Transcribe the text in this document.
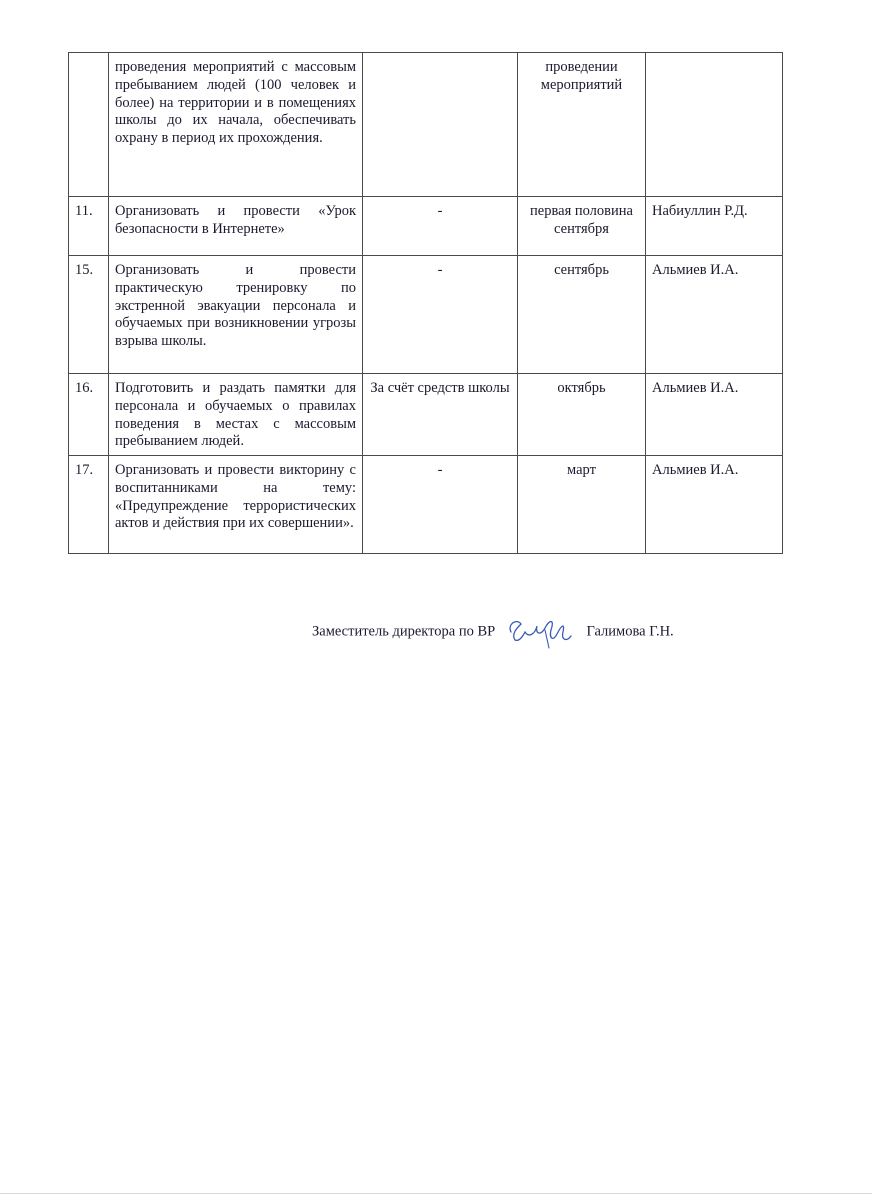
	проведения мероприятий с массовым пребыванием людей (100 человек и более) на территории и в помещениях школы до их начала, обеспечивать охрану в период их прохождения.		проведении мероприятий	
11.	Организовать и провести «Урок безопасности в Интернете»	-	первая половина сентября	Набиуллин Р.Д.
15.	Организовать и провести практическую тренировку по экстренной эвакуации персонала и обучаемых при возникновении угрозы взрыва школы.	-	сентябрь	Альмиев И.А.
16.	Подготовить и раздать памятки для персонала и обучаемых о правилах поведения в местах с массовым пребыванием людей.	За счёт средств школы	октябрь	Альмиев И.А.
17.	Организовать и провести викторину с воспитанниками на тему: «Предупреждение террористических актов и действия при их совершении».	-	март	Альмиев И.А.
Заместитель директора по ВР	Галимова Г.Н.
